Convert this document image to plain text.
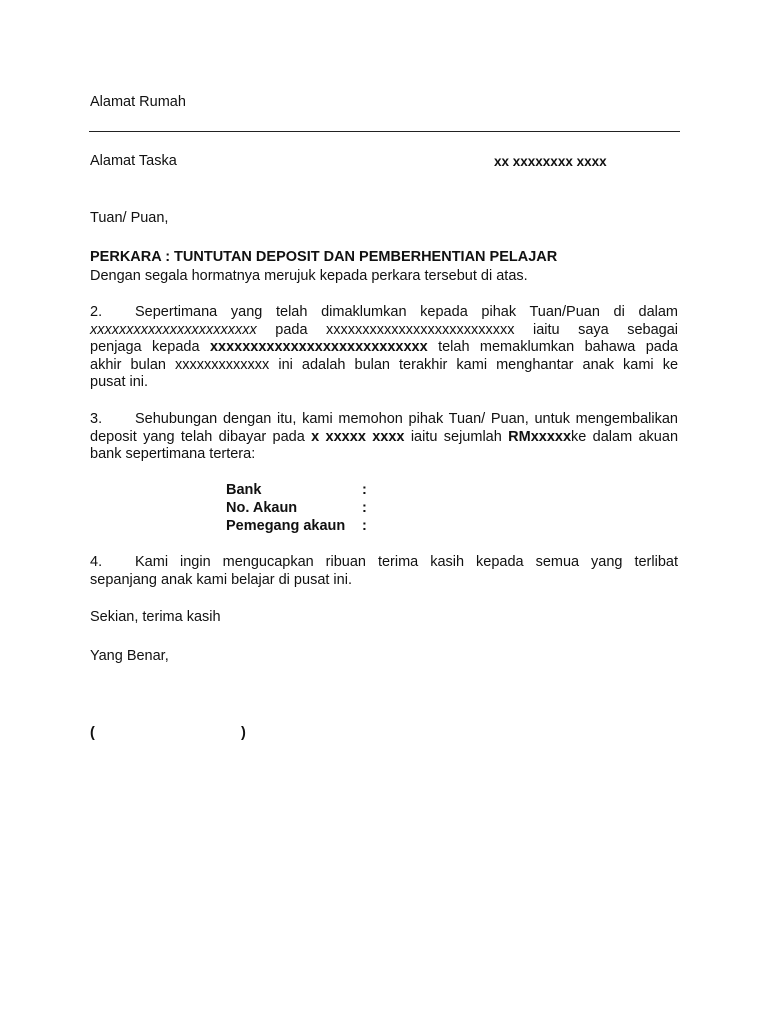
Alamat Rumah
Alamat Taska	xx xxxxxxxx xxxx
Tuan/ Puan,
PERKARA : TUNTUTAN DEPOSIT DAN PEMBERHENTIAN PELAJAR
Dengan segala hormatnya merujuk kepada perkara tersebut di atas.
2. Sepertimana yang telah dimaklumkan kepada pihak Tuan/Puan di dalam
xxxxxxxxxxxxxxxxxxxxxxx pada xxxxxxxxxxxxxxxxxxxxxxxxxx iaitu saya sebagai
penjaga kepada xxxxxxxxxxxxxxxxxxxxxxxxxxx telah memaklumkan bahawa pada
akhir bulan xxxxxxxxxxxxx ini adalah bulan terakhir kami menghantar anak kami ke
pusat ini.
3. Sehubungan dengan itu, kami memohon pihak Tuan/ Puan, untuk mengembalikan
deposit yang telah dibayar pada x xxxxx xxxx iaitu sejumlah RMxxxxxke dalam akuan
bank sepertimana tertera:
Bank	:
No. Akaun	:
Pemegang akaun :
4. Kami ingin mengucapkan ribuan terima kasih kepada semua yang terlibat
sepanjang anak kami belajar di pusat ini.
Sekian, terima kasih
Yang Benar,
(	)
